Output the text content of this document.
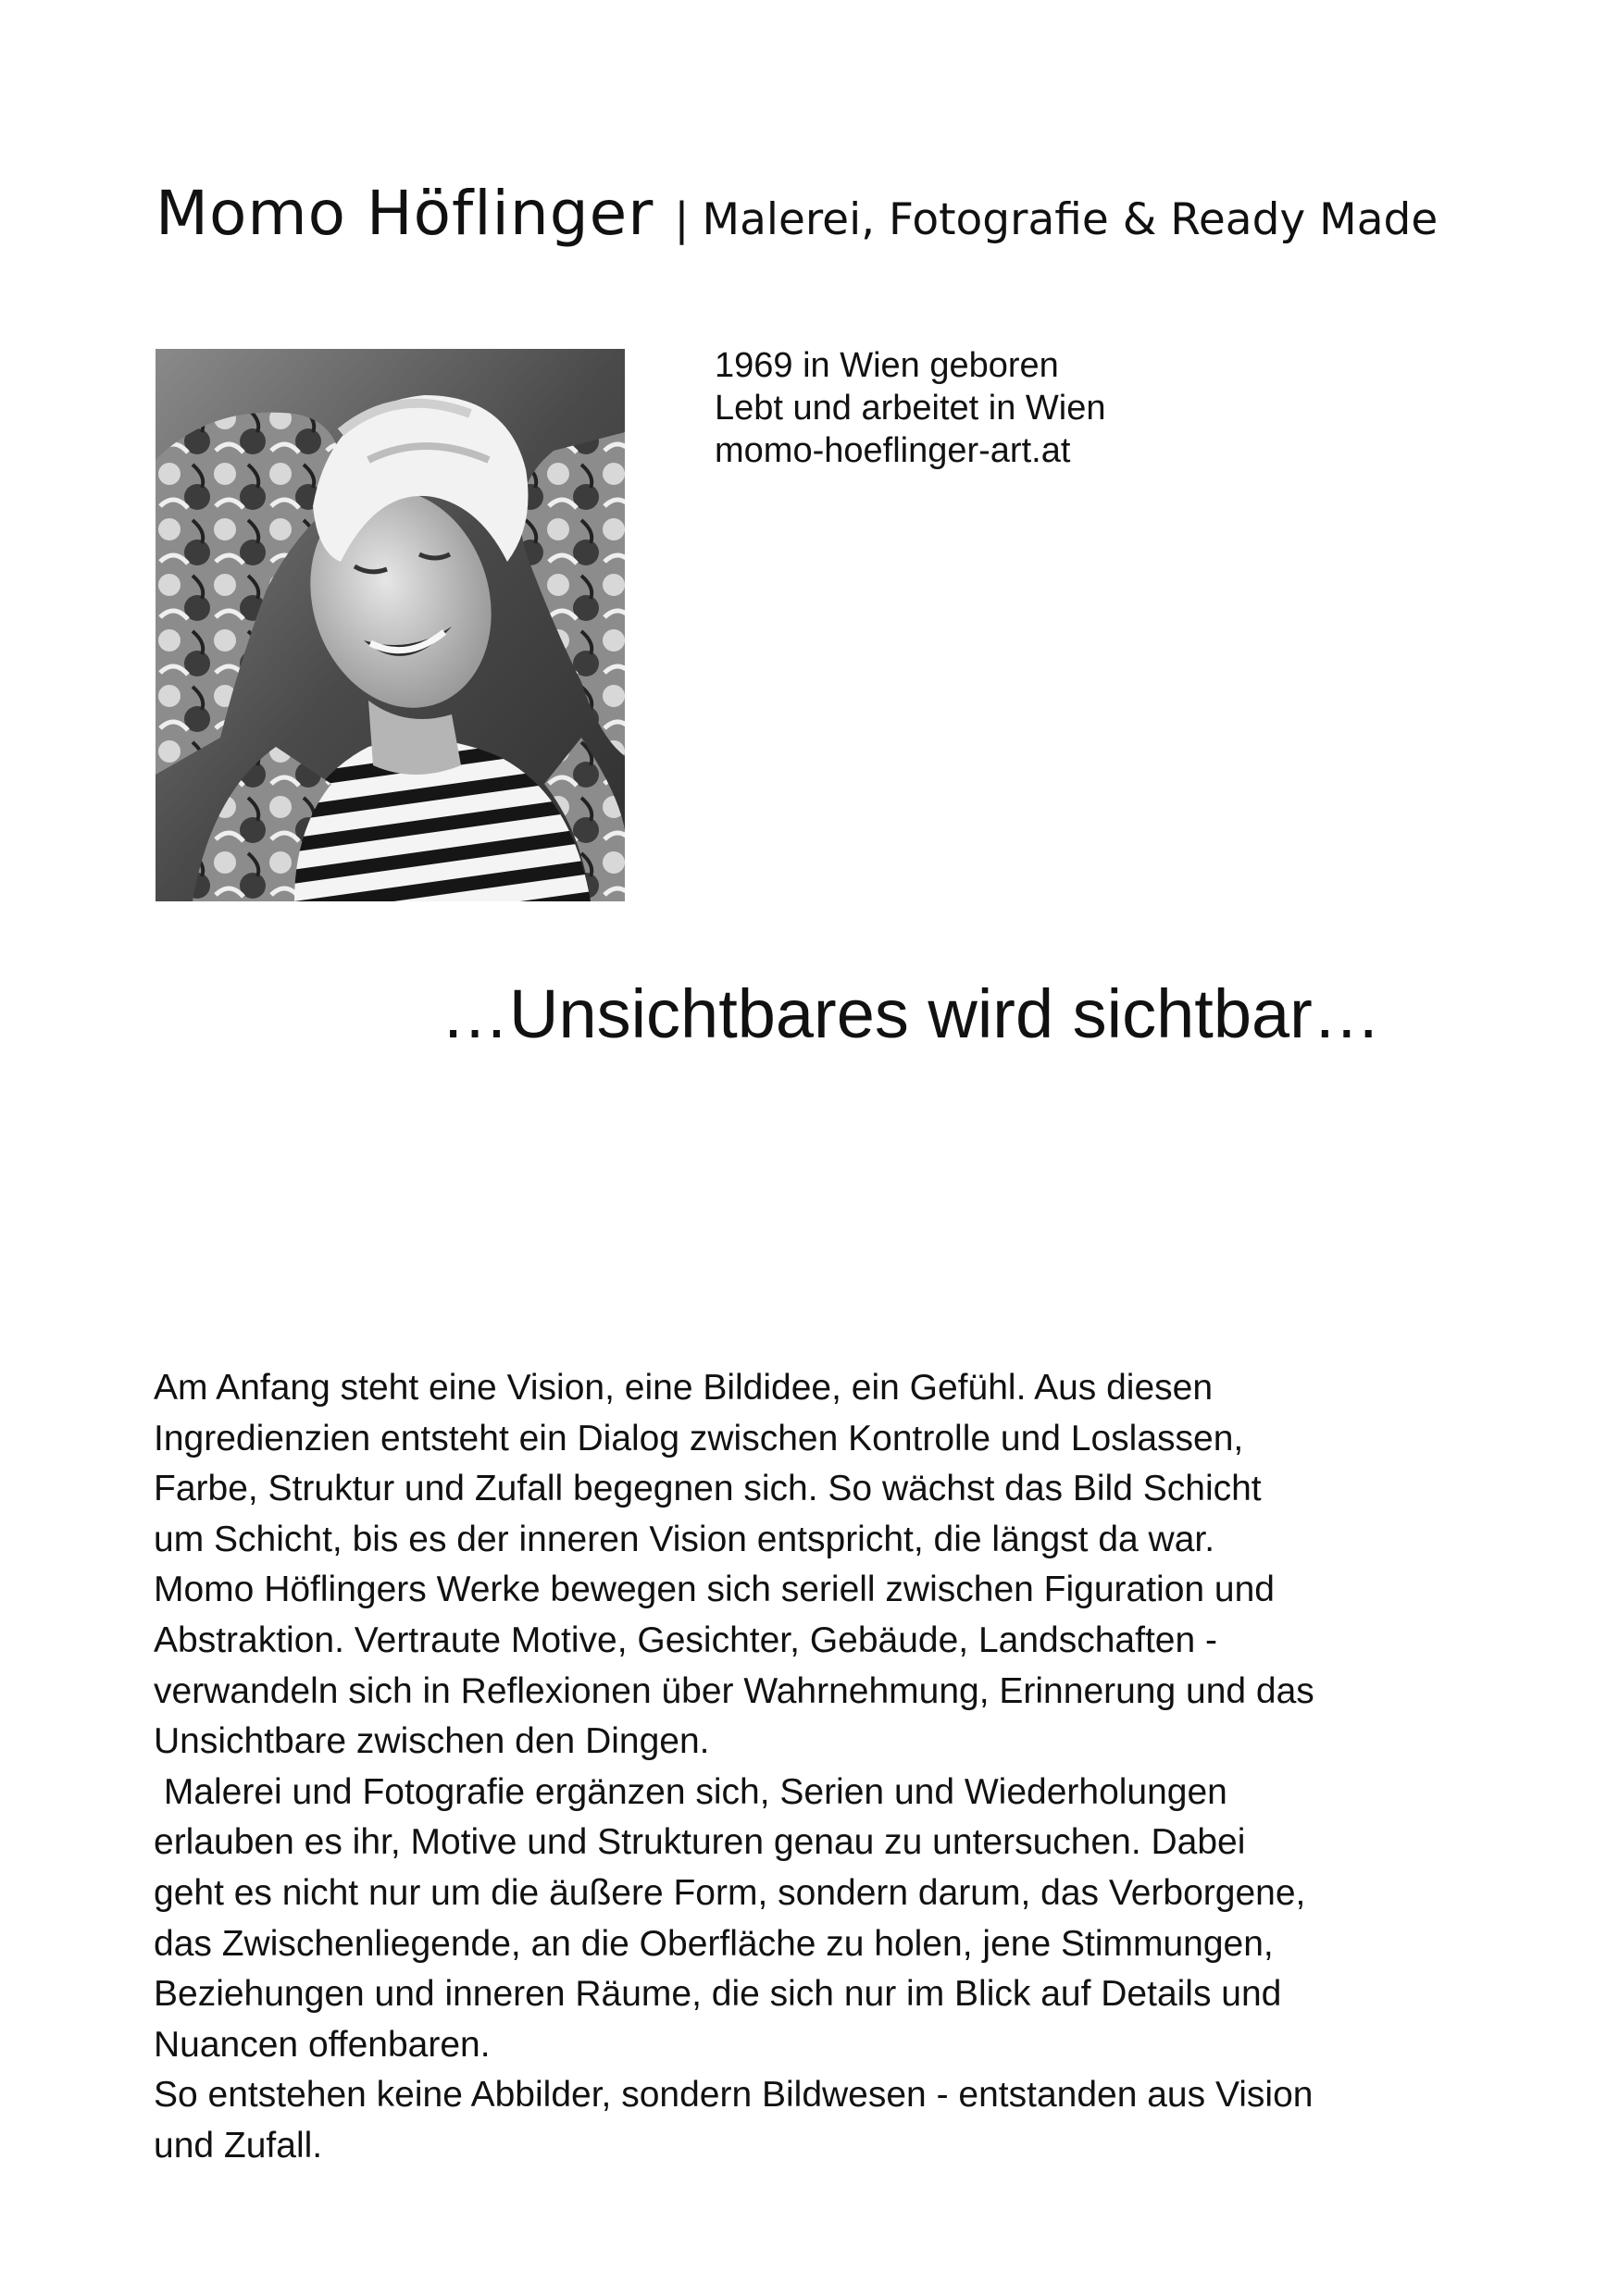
Momo Höflinger | Malerei, Fotografie & Ready Made
1969 in Wien geboren
Lebt und arbeitet in Wien
momo-hoeflinger-art.at
…Unsichtbares wird sichtbar…
Am Anfang steht eine Vision, eine Bildidee, ein Gefühl. Aus diesen
Ingredienzien entsteht ein Dialog zwischen Kontrolle und Loslassen,
Farbe, Struktur und Zufall begegnen sich. So wächst das Bild Schicht
um Schicht, bis es der inneren Vision entspricht, die längst da war.
Momo Höflingers Werke bewegen sich seriell zwischen Figuration und
Abstraktion. Vertraute Motive, Gesichter, Gebäude, Landschaften -
verwandeln sich in Reflexionen über Wahrnehmung, Erinnerung und das
Unsichtbare zwischen den Dingen.
Malerei und Fotografie ergänzen sich, Serien und Wiederholungen
erlauben es ihr, Motive und Strukturen genau zu untersuchen. Dabei
geht es nicht nur um die äußere Form, sondern darum, das Verborgene,
das Zwischenliegende, an die Oberfläche zu holen, jene Stimmungen,
Beziehungen und inneren Räume, die sich nur im Blick auf Details und
Nuancen offenbaren.
So entstehen keine Abbilder, sondern Bildwesen - entstanden aus Vision
und Zufall.
